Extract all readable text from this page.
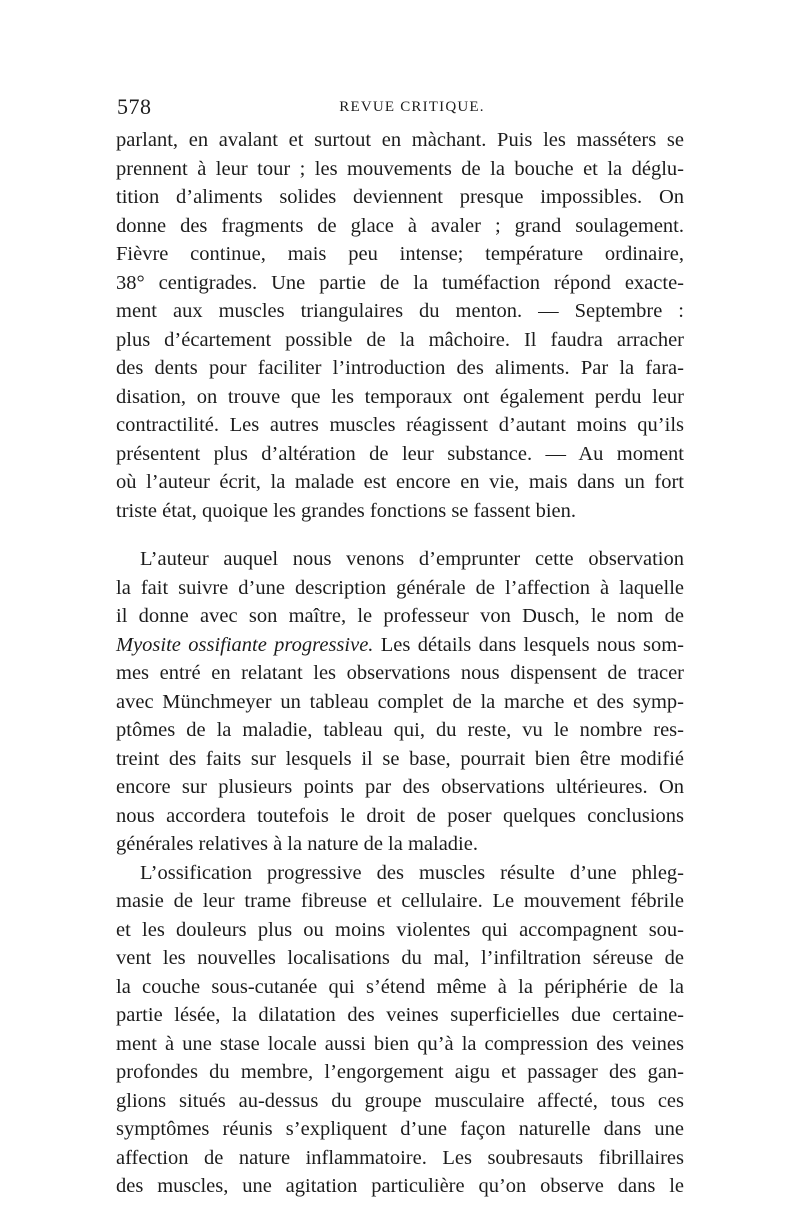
578	REVUE CRITIQUE.
parlant, en avalant et surtout en màchant. Puis les masséters se
prennent à leur tour ; les mouvements de la bouche et la déglu-
tition d’aliments solides deviennent presque impossibles. On
donne des fragments de glace à avaler ; grand soulagement.
Fièvre continue, mais peu intense; température ordinaire,
38° centigrades. Une partie de la tuméfaction répond exacte-
ment aux muscles triangulaires du menton. — Septembre :
plus d’écartement possible de la mâchoire. Il faudra arracher
des dents pour faciliter l’introduction des aliments. Par la fara-
disation, on trouve que les temporaux ont également perdu leur
contractilité. Les autres muscles réagissent d’autant moins qu’ils
présentent plus d’altération de leur substance. — Au moment
où l’auteur écrit, la malade est encore en vie, mais dans un fort
triste état, quoique les grandes fonctions se fassent bien.
L’auteur auquel nous venons d’emprunter cette observation
la fait suivre d’une description générale de l’affection à laquelle
il donne avec son maître, le professeur von Dusch, le nom de
Myosite ossifiante progressive. Les détails dans lesquels nous som-
mes entré en relatant les observations nous dispensent de tracer
avec Münchmeyer un tableau complet de la marche et des symp-
ptômes de la maladie, tableau qui, du reste, vu le nombre res-
treint des faits sur lesquels il se base, pourrait bien être modifié
encore sur plusieurs points par des observations ultérieures. On
nous accordera toutefois le droit de poser quelques conclusions
générales relatives à la nature de la maladie.
L’ossification progressive des muscles résulte d’une phleg-
masie de leur trame fibreuse et cellulaire. Le mouvement fébrile
et les douleurs plus ou moins violentes qui accompagnent sou-
vent les nouvelles localisations du mal, l’infiltration séreuse de
la couche sous-cutanée qui s’étend même à la périphérie de la
partie lésée, la dilatation des veines superficielles due certaine-
ment à une stase locale aussi bien qu’à la compression des veines
profondes du membre, l’engorgement aigu et passager des gan-
glions situés au-dessus du groupe musculaire affecté, tous ces
symptômes réunis s’expliquent d’une façon naturelle dans une
affection de nature inflammatoire. Les soubresauts fibrillaires
des muscles, une agitation particulière qu’on observe dans le
